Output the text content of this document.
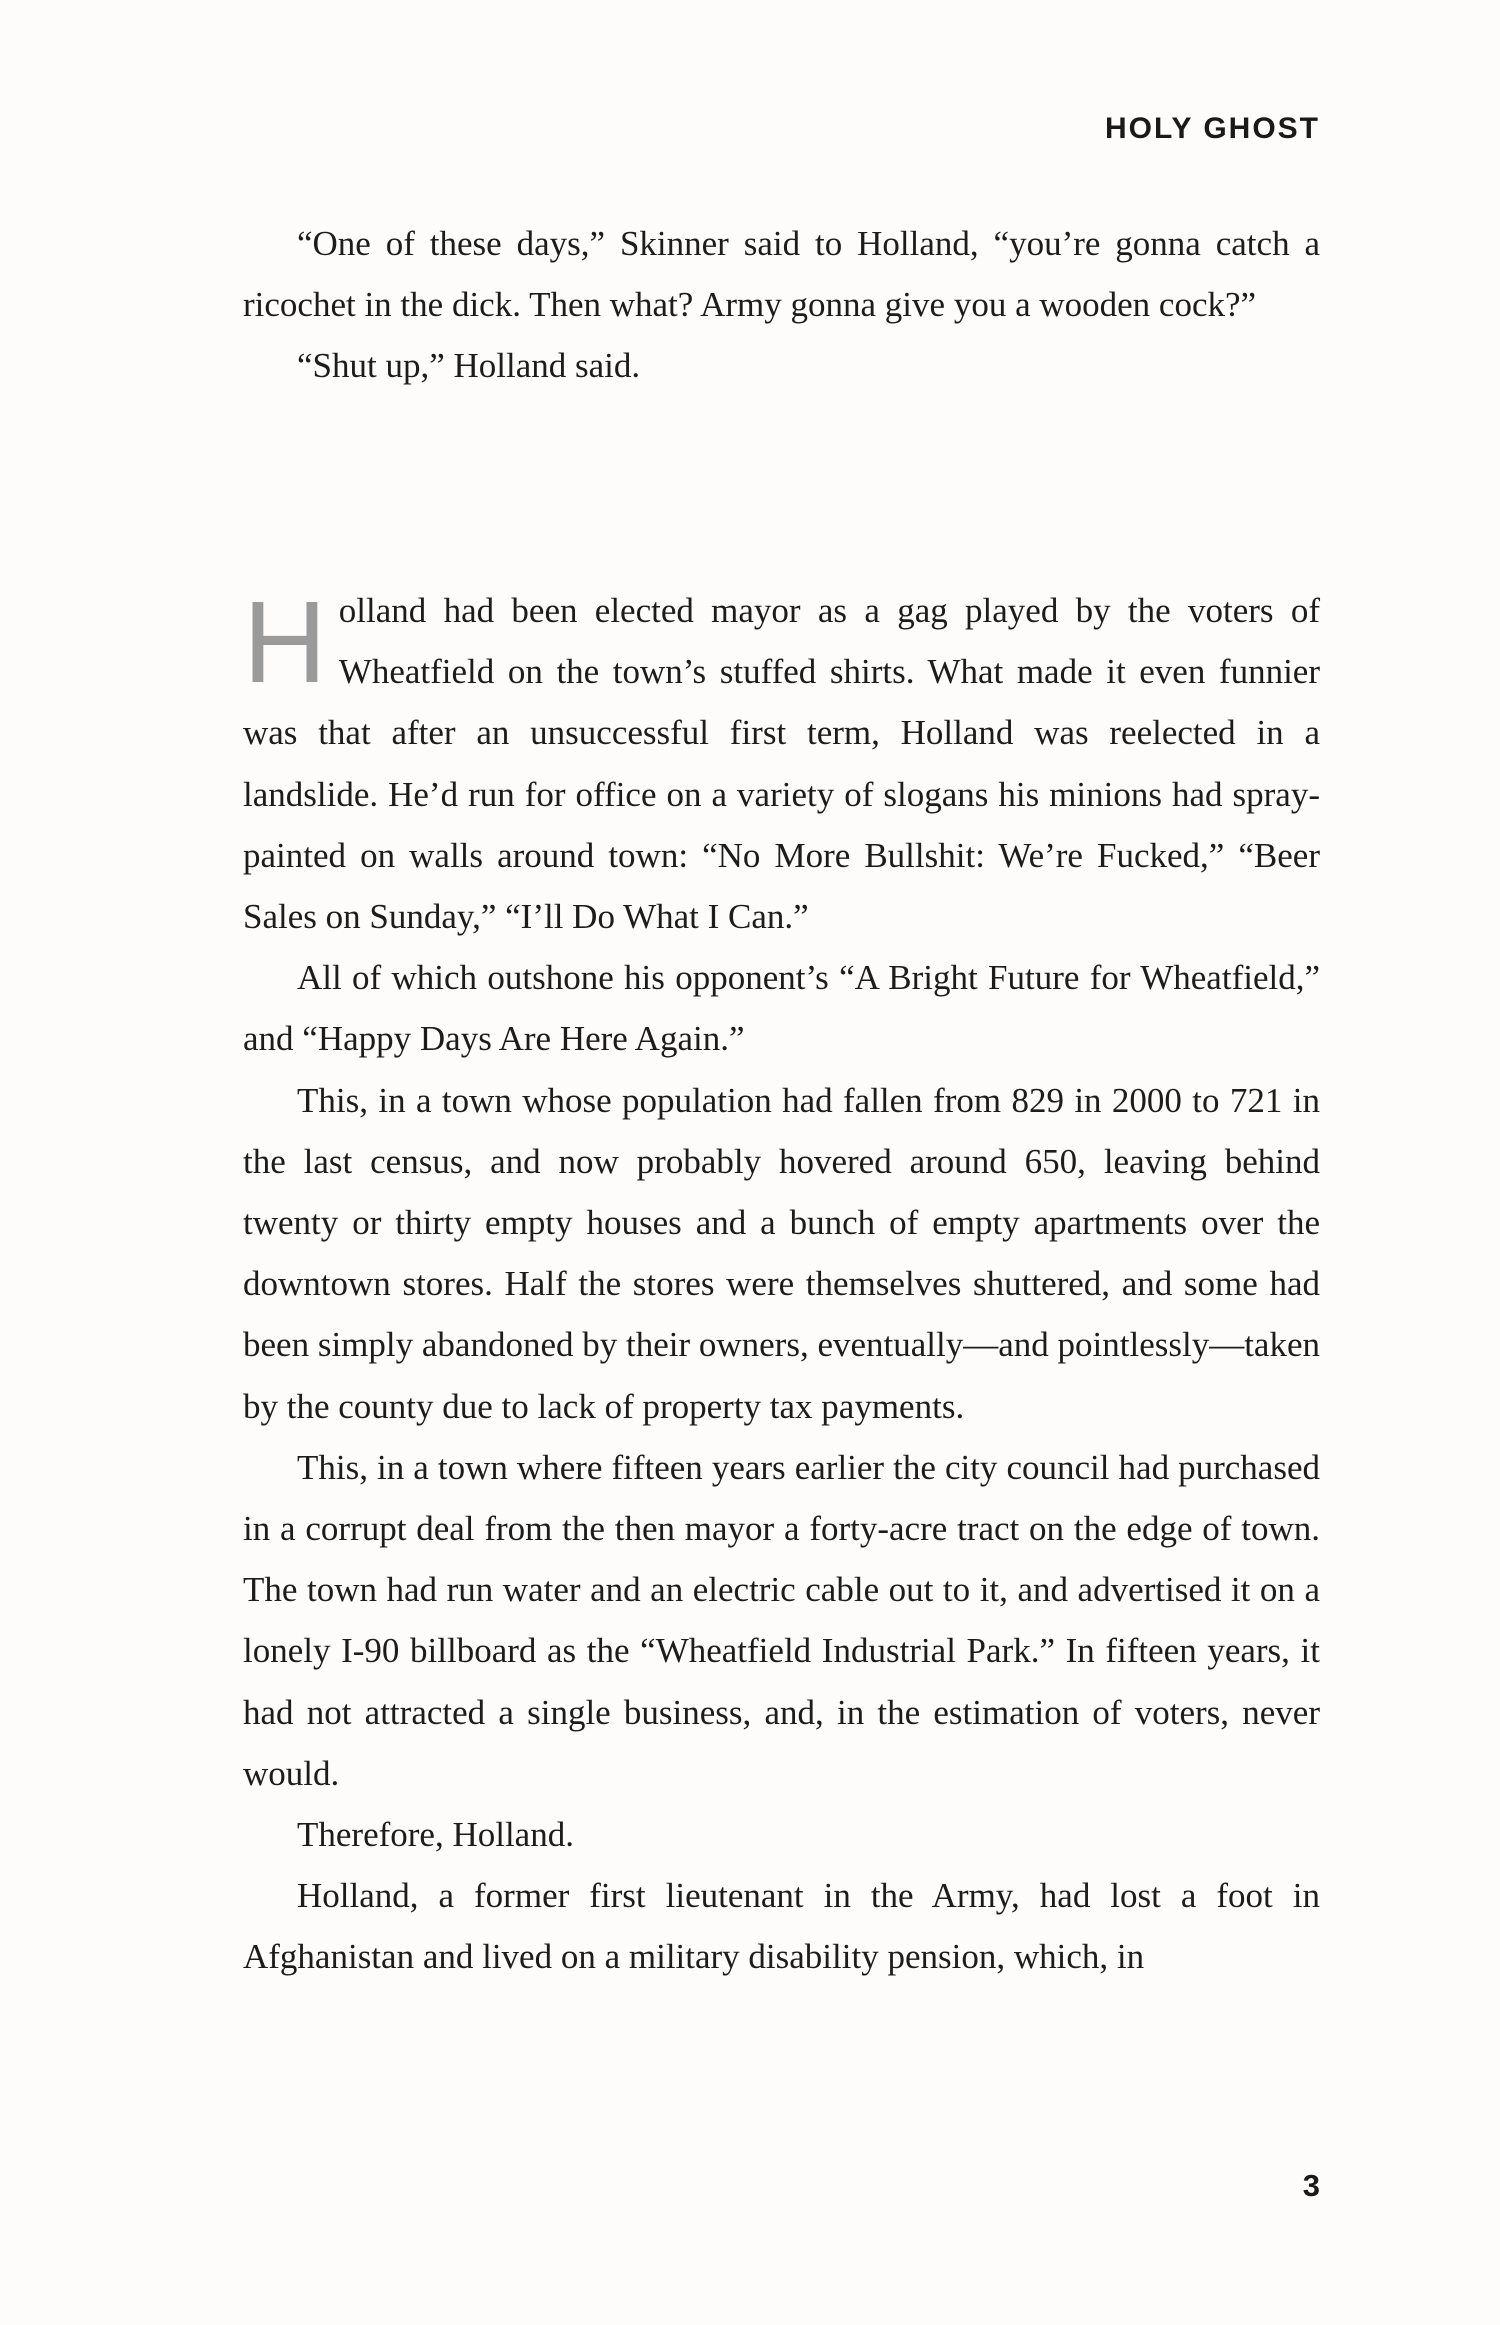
HOLY GHOST

“One of these days,” Skinner said to Holland, “you’re gonna catch a ricochet in the dick. Then what? Army gonna give you a wooden cock?”

“Shut up,” Holland said.

Holland had been elected mayor as a gag played by the voters of Wheatfield on the town’s stuffed shirts. What made it even funnier was that after an unsuccessful first term, Holland was reelected in a landslide. He’d run for office on a variety of slogans his minions had spray-painted on walls around town: “No More Bullshit: We’re Fucked,” “Beer Sales on Sunday,” “I’ll Do What I Can.”

All of which outshone his opponent’s “A Bright Future for Wheatfield,” and “Happy Days Are Here Again.”

This, in a town whose population had fallen from 829 in 2000 to 721 in the last census, and now probably hovered around 650, leaving behind twenty or thirty empty houses and a bunch of empty apartments over the downtown stores. Half the stores were themselves shuttered, and some had been simply abandoned by their owners, eventually—and pointlessly—taken by the county due to lack of property tax payments.

This, in a town where fifteen years earlier the city council had purchased in a corrupt deal from the then mayor a forty-acre tract on the edge of town. The town had run water and an electric cable out to it, and advertised it on a lonely I-90 billboard as the “Wheatfield Industrial Park.” In fifteen years, it had not attracted a single business, and, in the estimation of voters, never would.

Therefore, Holland.

Holland, a former first lieutenant in the Army, had lost a foot in Afghanistan and lived on a military disability pension, which, in

3
